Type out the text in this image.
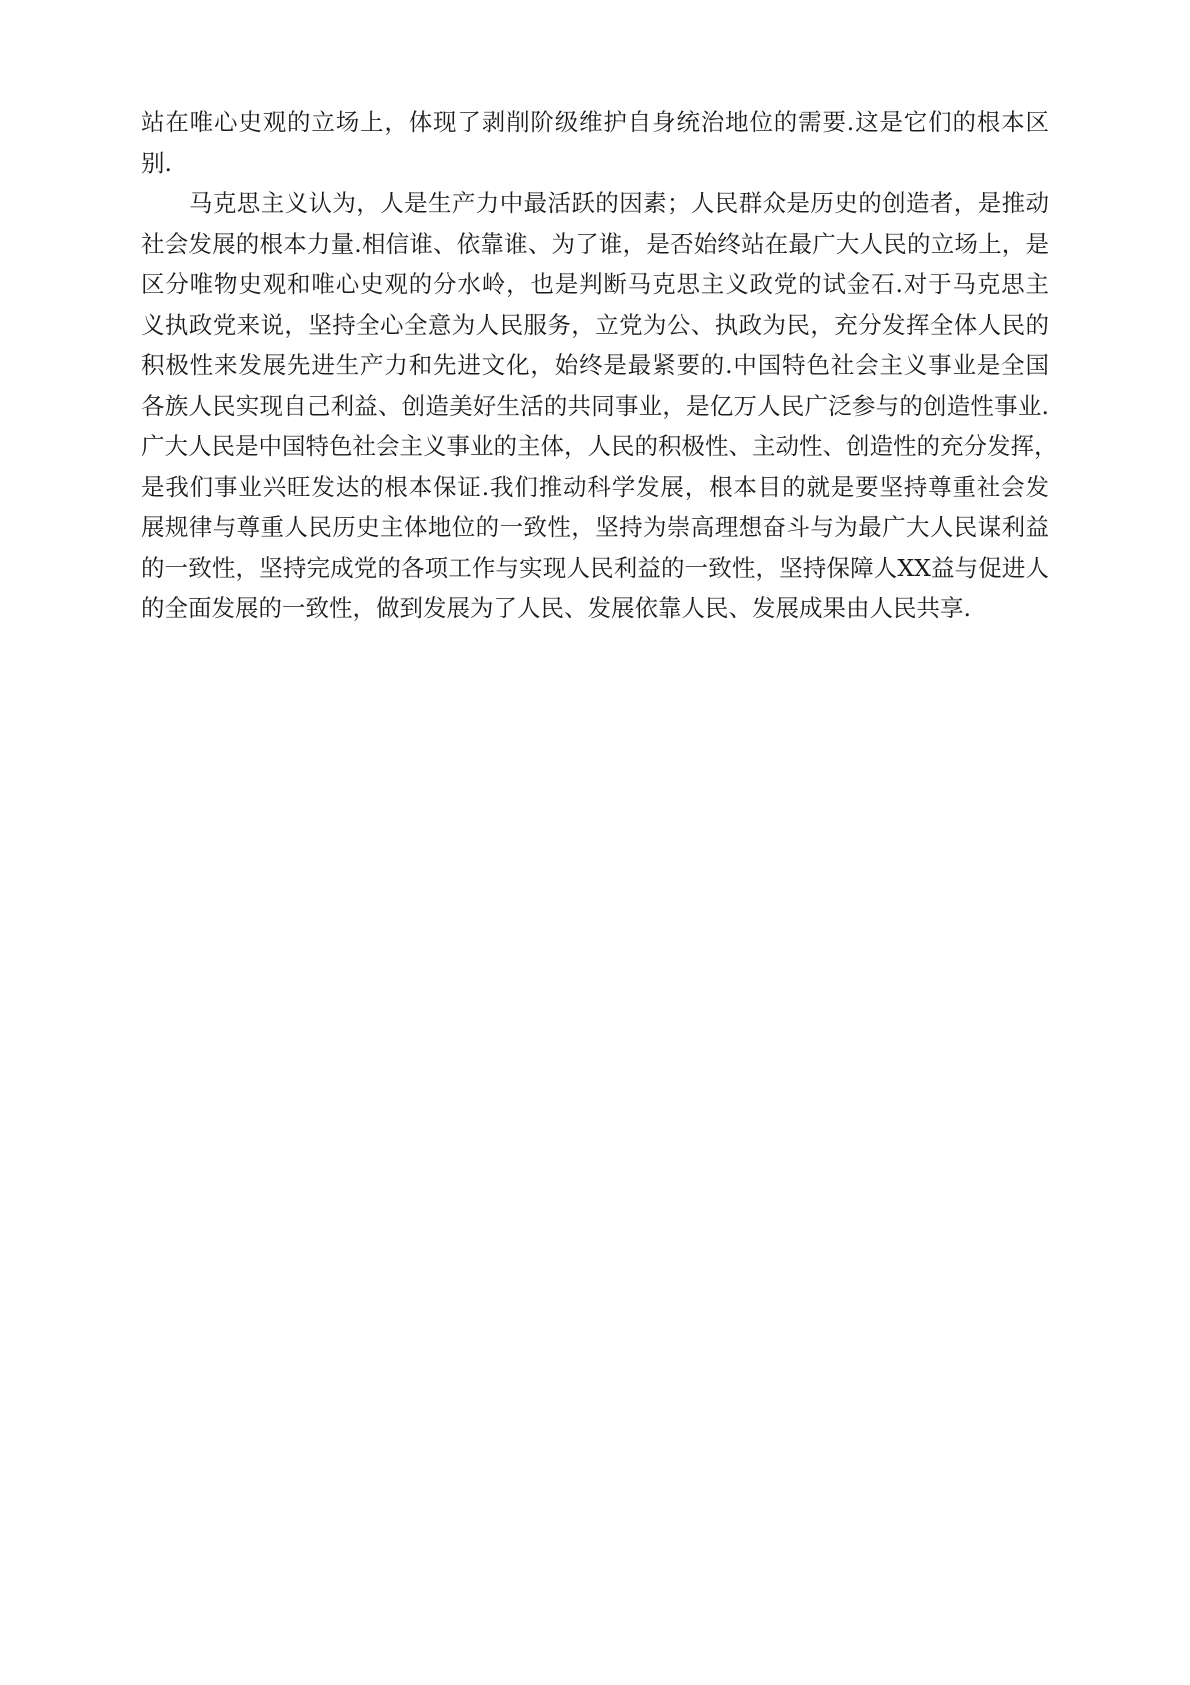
站在唯心史观的立场上，体现了剥削阶级维护自身统治地位的需要.这是它们的根本区
别.
马克思主义认为，人是生产力中最活跃的因素；人民群众是历史的创造者，是推动
社会发展的根本力量.相信谁、依靠谁、为了谁，是否始终站在最广大人民的立场上，是
区分唯物史观和唯心史观的分水岭，也是判断马克思主义政党的试金石.对于马克思主
义执政党来说，坚持全心全意为人民服务，立党为公、执政为民，充分发挥全体人民的
积极性来发展先进生产力和先进文化，始终是最紧要的.中国特色社会主义事业是全国
各族人民实现自己利益、创造美好生活的共同事业，是亿万人民广泛参与的创造性事业.
广大人民是中国特色社会主义事业的主体，人民的积极性、主动性、创造性的充分发挥，
是我们事业兴旺发达的根本保证.我们推动科学发展，根本目的就是要坚持尊重社会发
展规律与尊重人民历史主体地位的一致性，坚持为崇高理想奋斗与为最广大人民谋利益
的一致性，坚持完成党的各项工作与实现人民利益的一致性，坚持保障人XX益与促进人
的全面发展的一致性，做到发展为了人民、发展依靠人民、发展成果由人民共享.
